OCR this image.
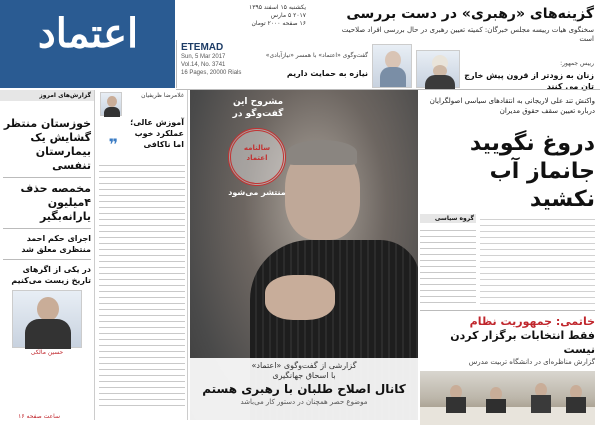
اعتماد
یکشنبه ۱۵ اسفند ۱۳۹۵
۲۰۱۷ ۵ مارس
۱۶ صفحه ۲۰۰۰ تومان
ETEMAD
Sun, 5 Mar 2017
Vol.14, No. 3741
16 Pages, 20000 Rials
گزینه‌های «رهبری» در دست بررسی
سخنگوی هیات رییسه مجلس خبرگان: کمیته تعیین رهبری در حال بررسی افراد صلاحیت است
گفت‌وگوی «اعتماد» با همسر «نیازآبادی»
نیازه به حمایت داریم
رییس جمهور:
زنان به زودتر از قرون پیش خارج تان می کنند
گزارش‌های امروز
خوزستان منتظر گشایش یک بیمارستان تنفسی
مخمصه حذف ۴میلیون یارانه‌بگیر
اجرای حکم احمد منتظری معلق شد
در یکی از اگرهای تاریخ زیست می‌کنیم
حسین مالکی
غلامرضا ظریفیان
آموزش عالی؛ عملکرد خوب اما ناکافی
❞
مشروح این گفت‌وگو در
سالنامه
اعتماد
منتشر می‌شود
گزارشی از گفت‌وگوی «اعتماد»
با اسحاق جهانگیری
کانال اصلاح طلبان با رهبری هستم
موضوع حصر همچنان در دستور کار می‌باشد
واکنش تند علی لاریجانی به انتقادهای سیاسی اصولگرایان درباره تعیین سقف حقوق مدیران
دروغ نگویید
جانماز آب نکشید
گروه سیاسی
خاتمی: جمهوریت نظام
فقط انتخابات برگزار کردن نیست
گزارش مناظره‌ای در دانشگاه تربیت مدرس
ساعت صفحه ۱۶
